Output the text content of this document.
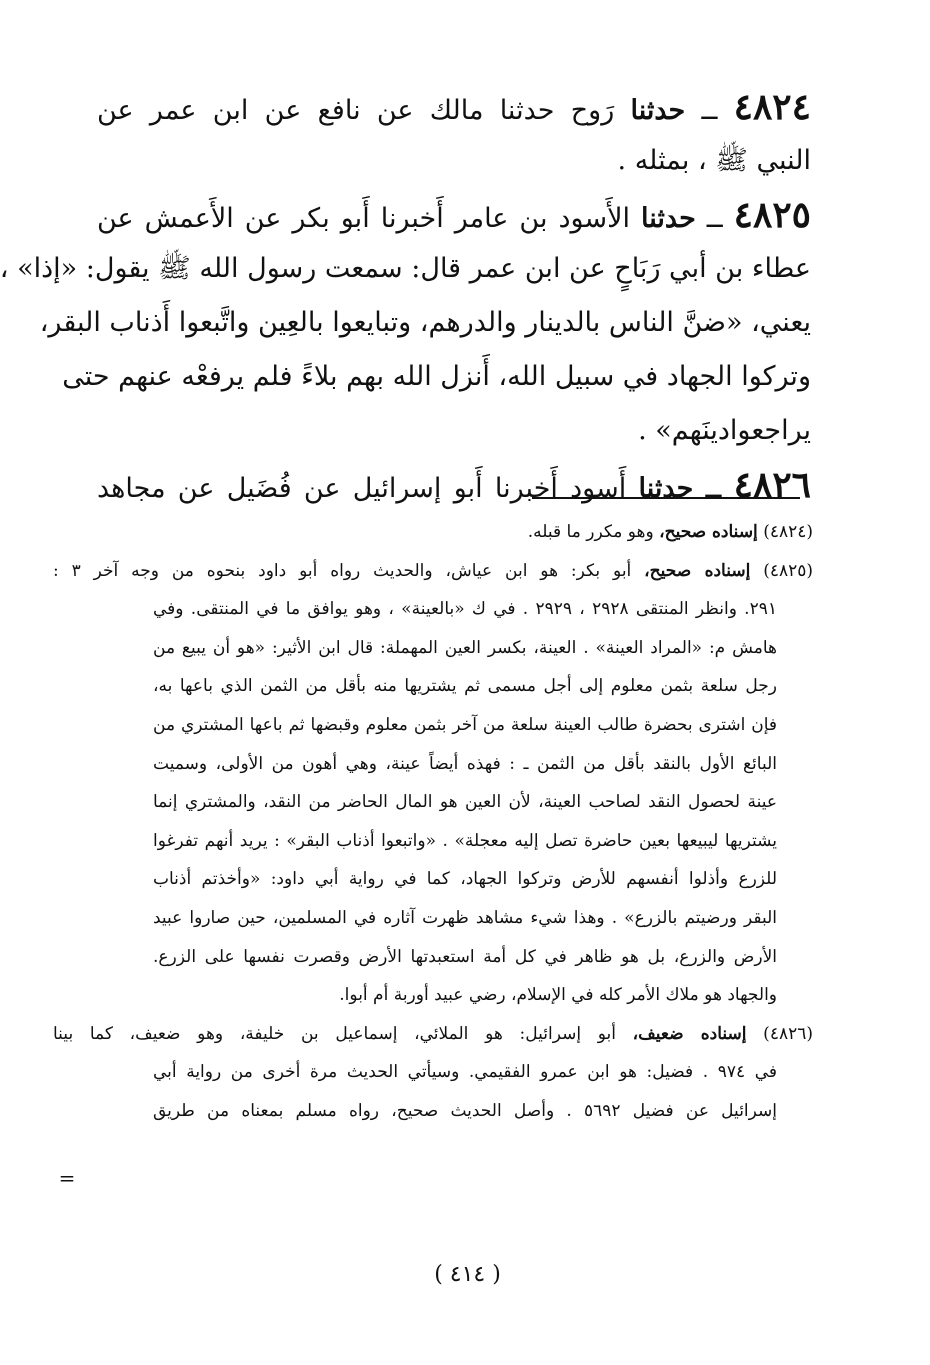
٤٨٢٤ ــ حدثنا رَوح حدثنا مالك عن نافع عن ابن عمر عن
النبي ﷺ ، بمثله .
٤٨٢٥ ــ حدثنا الأَسود بن عامر أَخبرنا أَبو بكر عن الأَعمش عن
عطاء بن أبي رَبَاحٍ عن ابن عمر قال: سمعت رسول الله ﷺ يقول: «إذا» ،
يعني، «ضنَّ الناس بالدينار والدرهم، وتبايعوا بالعِين واتَّبعوا أَذناب البقر،
وتركوا الجهاد في سبيل الله، أَنزل الله بهم بلاءً فلم يرفعْه عنهم حتى
يراجعوادينَهم» .
٤٨٢٦ ــ حدثنا أَسود أَخبرنا أَبو إسرائيل عن فُضَيل عن مجاهد
(٤٨٢٤) إسناده صحيح، وهو مكرر ما قبله.
(٤٨٢٥) إسناده صحيح، أبو بكر: هو ابن عياش، والحديث رواه أبو داود بنحوه من وجه آخر ٣ :
٢٩١. وانظر المنتقى ٢٩٢٨ ، ٢٩٢٩ . في ك «بالعينة» ، وهو يوافق ما في المنتقى. وفي
هامش م: «المراد العينة» . العينة، بكسر العين المهملة: قال ابن الأثير: «هو أن يبيع من
رجل سلعة بثمن معلوم إلى أجل مسمى ثم يشتريها منه بأقل من الثمن الذي باعها به،
فإن اشترى بحضرة طالب العينة سلعة من آخر بثمن معلوم وقبضها ثم باعها المشتري من
البائع الأول بالنقد بأقل من الثمن ـ : فهذه أيضاً عينة، وهي أهون من الأولى، وسميت
عينة لحصول النقد لصاحب العينة، لأن العين هو المال الحاضر من النقد، والمشتري إنما
يشتريها ليبيعها بعين حاضرة تصل إليه معجلة» . «واتبعوا أذناب البقر» : يريد أنهم تفرغوا
للزرع وأذلوا أنفسهم للأرض وتركوا الجهاد، كما في رواية أبي داود: «وأخذتم أذناب
البقر ورضيتم بالزرع» . وهذا شيء مشاهد ظهرت آثاره في المسلمين، حين صاروا عبيد
الأرض والزرع، بل هو ظاهر في كل أمة استعبدتها الأرض وقصرت نفسها على الزرع.
والجهاد هو ملاك الأمر كله في الإسلام، رضي عبيد أوربة أم أبوا.
(٤٨٢٦) إسناده ضعيف، أبو إسرائيل: هو الملائي، إسماعيل بن خليفة، وهو ضعيف، كما بينا
في ٩٧٤ . فضيل: هو ابن عمرو الفقيمي. وسيأتي الحديث مرة أخرى من رواية أبي
إسرائيل عن فضيل ٥٦٩٢ . وأصل الحديث صحيح، رواه مسلم بمعناه من طريق
=
( ٤١٤ )
